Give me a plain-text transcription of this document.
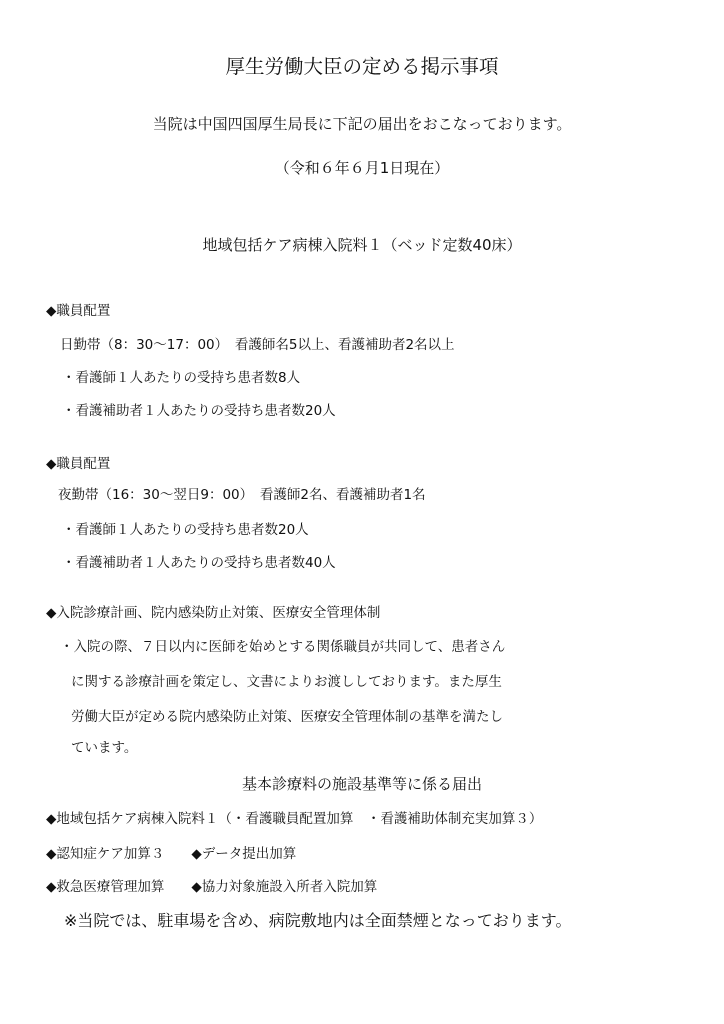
厚生労働大臣の定める掲示事項
当院は中国四国厚生局長に下記の届出をおこなっております。
（令和６年６月1日現在）
地域包括ケア病棟入院料１（ベッド定数40床）
◆職員配置
日勤帯（8：30～17：00）　看護師名5以上、看護補助者2名以上
・看護師１人あたりの受持ち患者数8人
・看護補助者１人あたりの受持ち患者数20人
◆職員配置
夜勤帯（16：30～翌日9：00）　看護師2名、看護補助者1名
・看護師１人あたりの受持ち患者数20人
・看護補助者１人あたりの受持ち患者数40人
◆入院診療計画、院内感染防止対策、医療安全管理体制
・入院の際、７日以内に医師を始めとする関係職員が共同して、患者さん
に関する診療計画を策定し、文書によりお渡ししております。また厚生
労働大臣が定める院内感染防止対策、医療安全管理体制の基準を満たし
ています。
基本診療料の施設基準等に係る届出
◆地域包括ケア病棟入院料１（・看護職員配置加算　・看護補助体制充実加算３）
◆認知症ケア加算３　　◆データ提出加算
◆救急医療管理加算　　◆協力対象施設入所者入院加算
※当院では、駐車場を含め、病院敷地内は全面禁煙となっております。
